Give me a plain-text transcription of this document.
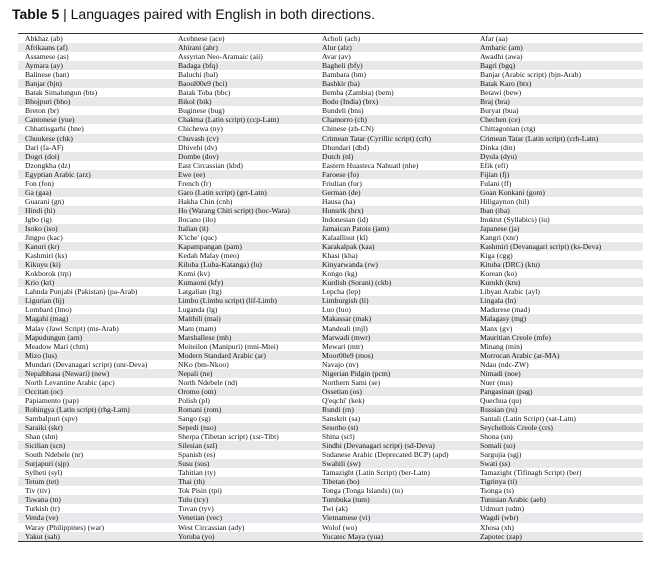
Table 5 | Languages paired with English in both directions.
Abkhaz (ab)	Acehnese (ace)	Acholi (ach)	Afar (aa)
Afrikaans (af)	Ahirani (ahr)	Alur (alz)	Amharic (am)
Assamese (as)	Assyrian Neo-Aramaic (aii)	Avar (av)	Awadhi (awa)
Aymara (ay)	Badaga (bfq)	Bagheli (bfy)	Bagri (bgq)
Balinese (ban)	Baluchi (bal)	Bambara (bm)	Banjar (Arabic script) (bjn-Arab)
Banjar (bjn)	Baoul00e9 (bci)	Bashkir (ba)	Batak Karo (btx)
Batak Simalungun (bts)	Batak Toba (bbc)	Bemba (Zambia) (bem)	Betawi (bew)
Bhojpuri (bho)	Bikol (bik)	Bodo (India) (brx)	Braj (bra)
Breton (br)	Buginese (bug)	Bundeli (bns)	Buryat (bua)
Cantonese (yue)	Chakma (Latin script) (ccp-Latn)	Chamorro (ch)	Chechen (ce)
Chhattisgarhi (hne)	Chichewa (ny)	Chinese (zh-CN)	Chittagonian (ctg)
Chuukese (chk)	Chuvash (cv)	Crimean Tatar (Cyrillic script) (crh)	Crimean Tatar (Latin script) (crh-Latn)
Dari (fa-AF)	Dhivehi (dv)	Dhundari (dhd)	Dinka (din)
Dogri (doi)	Dombe (dov)	Dutch (nl)	Dyula (dyu)
Dzongkha (dz)	East Circassian (kbd)	Eastern Huasteca Nahuatl (nhe)	Efik (efi)
Egyptian Arabic (arz)	Ewe (ee)	Faroese (fo)	Fijian (fj)
Fon (fon)	French (fr)	Friulian (fur)	Fulani (ff)
Ga (gaa)	Garo (Latin script) (grt-Latn)	German (de)	Goan Konkani (gom)
Guarani (gn)	Hakha Chin (cnh)	Hausa (ha)	Hiligaynon (hil)
Hindi (hi)	Ho (Warang Chiti script) (hoc-Wara)	Hunsrik (hrx)	Iban (iba)
Igbo (ig)	Ilocano (ilo)	Indonesian (id)	Inuktut (Syllabics) (iu)
Isoko (iso)	Italian (it)	Jamaican Patois (jam)	Japanese (ja)
Jingpo (kac)	K'iche' (quc)	Kalaallisut (kl)	Kangri (xnr)
Kanuri (kr)	Kapampangan (pam)	Karakalpak (kaa)	Kashmiri (Devanagari script) (ks-Deva)
Kashmiri (ks)	Kedah Malay (meo)	Khasi (kha)	Kiga (cgg)
Kikuyu (ki)	Kiluba (Luba-Katanga) (lu)	Kinyarwanda (rw)	Kituba (DRC) (ktu)
Kokborok (trp)	Komi (kv)	Kongo (kg)	Korean (ko)
Krio (kri)	Kumaoni (kfy)	Kurdish (Sorani) (ckb)	Kurukh (kru)
Lahnda Punjabi (Pakistan) (pa-Arab)	Latgalian (ltg)	Lepcha (lep)	Libyan Arabic (ayl)
Ligurian (lij)	Limbu (Limbu script) (lif-Limb)	Limburgish (li)	Lingala (ln)
Lombard (lmo)	Luganda (lg)	Luo (luo)	Madurese (mad)
Magahi (mag)	Maithili (mai)	Makassar (mak)	Malagasy (mg)
Malay (Jawi Script) (ms-Arab)	Mam (mam)	Mandeali (mjl)	Manx (gv)
Mapudungun (arn)	Marshallese (mh)	Marwadi (mwr)	Mauritian Creole (mfe)
Meadow Mari (chm)	Meiteilon (Manipuri) (mni-Mtei)	Mewari (mtr)	Minang (min)
Mizo (lus)	Modern Standard Arabic (ar)	Moor00e9 (mos)	Morrocan Arabic (ar-MA)
Mundari (Devanagari script) (unr-Deva)	NKo (bm-Nkoo)	Navajo (nv)	Ndau (ndc-ZW)
Nepalbhasa (Newari) (new)	Nepali (ne)	Nigerian Pidgin (pcm)	Nimadi (noe)
North Levantine Arabic (apc)	North Ndebele (nd)	Northern Sami (se)	Nuer (nus)
Occitan (oc)	Oromo (om)	Ossetian (os)	Pangasinan (pag)
Papiamento (pap)	Polish (pl)	Q'eqchi' (kek)	Quechua (qu)
Rohingya (Latin script) (rhg-Latn)	Romani (rom)	Rundi (rn)	Russian (ru)
Sambalpuri (spv)	Sango (sg)	Sanskrit (sa)	Santali (Latin Script) (sat-Latn)
Saraiki (skr)	Sepedi (nso)	Sesotho (st)	Seychellois Creole (crs)
Shan (shn)	Sherpa (Tibetan script) (xsr-Tibt)	Shina (scl)	Shona (sn)
Sicilian (scn)	Silesian (szl)	Sindhi (Devanagari script) (sd-Deva)	Somali (so)
South Ndebele (nr)	Spanish (es)	Sudanese Arabic (Deprecated BCP) (apd)	Surgujia (sgj)
Surjapuri (sjp)	Susu (sus)	Swahili (sw)	Swati (ss)
Sylheti (syl)	Tahitian (ty)	Tamazight (Latin Script) (ber-Latn)	Tamazight (Tifinagh Script) (ber)
Tetum (tet)	Thai (th)	Tibetan (bo)	Tigrinya (ti)
Tiv (tiv)	Tok Pisin (tpi)	Tonga (Tonga Islands) (to)	Tsonga (ts)
Tswana (tn)	Tulu (tcy)	Tumbuka (tum)	Tunisian Arabic (aeb)
Turkish (tr)	Tuvan (tyv)	Twi (ak)	Udmurt (udm)
Venda (ve)	Venetian (vec)	Vietnamese (vi)	Wagdi (wbr)
Waray (Philippines) (war)	West Circassian (ady)	Wolof (wo)	Xhosa (xh)
Yakut (sah)	Yoruba (yo)	Yucatec Maya (yua)	Zapotec (zap)
